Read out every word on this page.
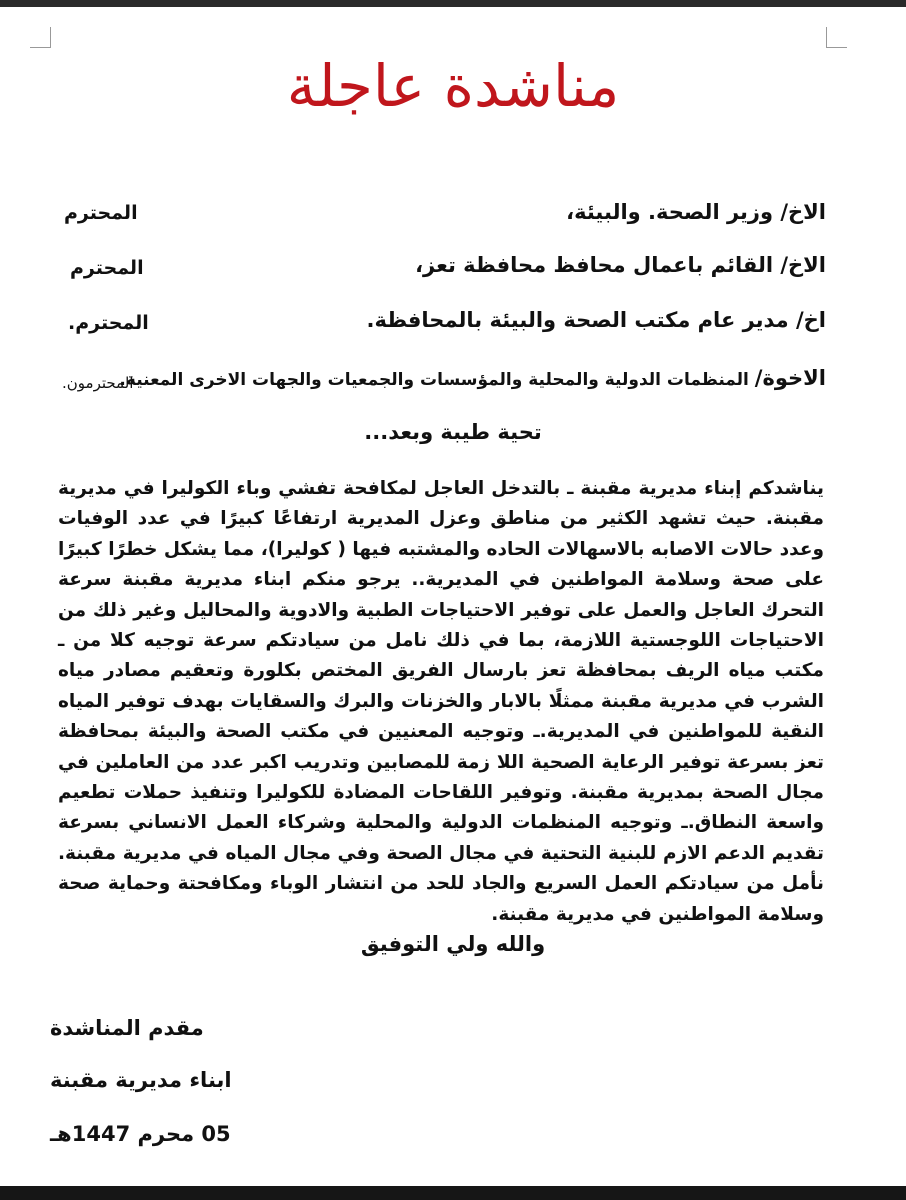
مناشدة عاجلة
الاخ/ وزير الصحة. والبيئة،
المحترم
الاخ/ القائم باعمال محافظ محافظة تعز،
المحترم
اخ/ مدير عام مكتب الصحة والبيئة بالمحافظة.
المحترم.
الاخوة/ المنظمات الدولية والمحلية والمؤسسات والجمعيات والجهات الاخرى المعنية.
المحترمون.
تحية طيبة وبعد...
يناشدكم إبناء مديرية مقبنة ـ بالتدخل العاجل لمكافحة تفشي وباء الكوليرا في مديرية مقبنة. حيث تشهد الكثير من مناطق وعزل المديرية ارتفاعًا كبيرًا في عدد الوفيات وعدد حالات الاصابه بالاسهالات الحاده والمشتبه فيها ( كوليرا)، مما يشكل خطرًا كبيرًا على صحة وسلامة المواطنين في المديرية.. يرجو منكم ابناء مديرية مقبنة سرعة التحرك العاجل والعمل على توفير الاحتياجات الطبية والادوية والمحاليل وغير ذلك من الاحتياجات اللوجستية اللازمة، بما في ذلك نامل من سيادتكم سرعة توجيه كلا من ـ مكتب مياه الريف بمحافظة تعز بارسال الفريق المختص بكلورة وتعقيم مصادر مياه الشرب في مديرية مقبنة ممثلًا بالابار والخزنات والبرك والسقايات بهدف توفير المياه النقية للمواطنين في المديرية.ـ وتوجيه المعنيين في مكتب الصحة والبيئة بمحافظة تعز بسرعة توفير الرعاية الصحية اللا زمة للمصابين وتدريب اكبر عدد من العاملين في مجال الصحة بمديرية مقبنة. وتوفير اللقاحات المضادة للكوليرا وتنفيذ حملات تطعيم واسعة النطاق.ـ وتوجيه المنظمات الدولية والمحلية وشركاء العمل الانساني بسرعة تقديم الدعم الازم للبنية التحتية في مجال الصحة وفي مجال المياه في مديرية مقبنة. نأمل من سيادتكم العمل السريع والجاد للحد من انتشار الوباء ومكافحتة وحماية صحة وسلامة المواطنين في مديرية مقبنة.
والله ولي التوفيق
مقدم المناشدة
ابناء مديرية مقبنة
05 محرم 1447هـ
